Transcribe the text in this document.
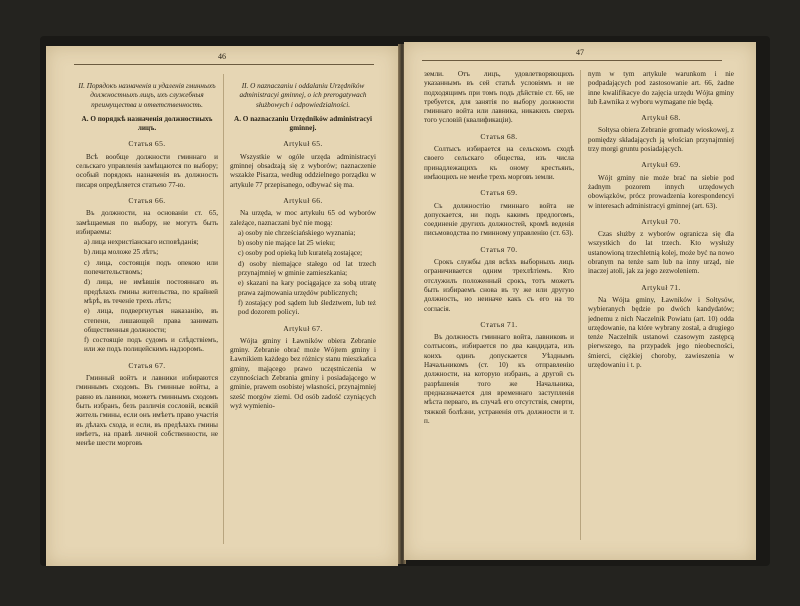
46
II. Порядокъ назначенія и удаленія гминныхъ должностныхъ лицъ, ихъ служебныя преимущества и ответственность.
А. О порядкѣ назначенія должностныхъ лицъ.
Статья 65.

Всѣ вообще должности гминнаго и сельскаго управленія замѣщаются по выбору; особый порядокъ назначенія въ должность писаря опредѣляется статьею 77-ю.

Статья 66.

Въ должности, на основаніи ст. 65, замѣщаемыя по выбору, не могутъ быть избираемы:

а) лица нехристіанскаго исповѣданія;

b) лица моложе 25 лѣтъ;

c) лица, состоящія подъ опекою или попечительствомъ;

d) лица, не имѣвшія постояннаго въ предѣлахъ гмины жительства, по крайней мѣрѣ, въ теченіе трехъ лѣтъ;

e) лица, подвергнутыя наказанію, въ степени, лишающей права занимать общественныя должности;

f) состоящіе подъ судомъ и слѣдствіемъ, или же подъ полицейскимъ надзоромъ.

Статья 67.

Гминный войтъ и лавники избираются гминнымъ сходомъ. Въ гминные войты, а равно въ лавники, можетъ гминнымъ сходомъ быть избранъ, безъ различія сословій, всякій житель гмины, если онъ имѣетъ право участія въ дѣлахъ схода, и если, въ предѣлахъ гмины имѣетъ, на правѣ личной собственности, не менѣе шести морговъ

II. O naznaczaniu i oddalaniu Urzędników administracyi gminnej, o ich prerogatywach służbowych i odpowiedzialności.
A. O naznaczaniu Urzędników administracyi gminnej.
Artykuł 65.

Wszystkie w ogóle urzęda administracyi gminnej obsadzają się z wyborów; naznaczenie wszakże Pisarza, według oddzielnego porządku w artykule 77 przepisanego, odbywać się ma.

Artykuł 66.

Na urzęda, w moc artykułu 65 od wyborów zależące, naznaczani być nie mogą:

a) osoby nie chrześciańskiego wyznania;

b) osoby nie mające lat 25 wieku;

c) osoby pod opieką lub kuratelą zostające;

d) osoby niemające stałego od lat trzech przynajmniej w gminie zamieszkania;

e) skazani na kary pociągające za sobą utratę prawa zajmowania urzędów publicznych;

f) zostający pod sądem lub śledztwem, lub też pod dozorem policyi.

Artykuł 67.

Wójta gminy i Ławników obiera Zebranie gminy. Zebranie obrać może Wójtem gminy i Ławnikiem każdego bez różnicy stanu mieszkańca gminy, mającego prawo uczęstniczenia w czynnościach Zebrania gminy i posiadającego w gminie, prawem osobistej własności, przynajmniej sześć morgów ziemi. Od osób zadość czyniących wyż wymienio-

47

земли. Отъ лицъ, удовлетворяющихъ указаннымъ въ сей статьѣ условіямъ и не подходящимъ при томъ подъ дѣйствіе ст. 66, не требуется, для занятія по выбору должности гминнаго войта или лавника, никакихъ сверхъ того условій (квалификаціи).

Статья 68.

Солтысъ избирается на сельскомъ сходѣ своего сельскаго общества, изъ числа принадлежащихъ къ оному крестьянъ, имѣющихъ не менѣе трехъ морговъ земли.

Статья 69.

Съ должностію гминнаго войта не допускается, ни подъ какимъ предлогомъ, соединеніе другихъ должностей, кромѣ веденія письмоводства по гминному управленію (ст. 63).

Статья 70.

Срокъ службы для всѣхъ выборныхъ лицъ ограничивается одним трехлѣтіемъ. Кто отслужилъ положенный срокъ, тотъ можетъ быть избираемъ снова въ ту же или другую должность, но неиначе какъ съ его на то согласія.

Статья 71.

Въ должность гминнаго войта, лавниковъ и солтысовъ, избирается по два кандидата, изъ коихъ одинъ допускается Уѣзднымъ Начальникомъ (ст. 10) къ отправленію должности, на которую избранъ, а другой съ разрѣшенія того же Начальника, предназначается для временнаго заступленія мѣста перваго, въ случаѣ его отсутствія, смерти, тяжкой болѣзни, устраненія отъ должности и т. п.

nym w tym artykule warunkom i nie podpadających pod zastosowanie art. 66, żadne inne kwalifikacye do zajęcia urzędu Wójta gminy lub Ławnika z wyboru wymagane nie będą.

Artykuł 68.

Sołtysa obiera Zebranie gromady wioskowej, z pomiędzy składających ją włościan przynajmniej trzy morgi gruntu posiadających.

Artykuł 69.

Wójt gminy nie może brać na siebie pod żadnym pozorem innych urzędowych obowiązków, prócz prowadzenia korespondencyi w interesach administracyi gminnej (art. 63).

Artykuł 70.

Czas służby z wyborów ograniczа się dla wszystkich do lat trzech. Kto wysłuży ustanowioną trzechletnią kolej, może być na nowo obranym na tenże sam lub na inny urząd, nie inaczej atoli, jak za jego zezwoleniem.

Artykuł 71.

Na Wójta gminy, Ławników i Sołtysów, wybieranych będzie po dwóch kandydatów; jednemu z nich Naczelnik Powiatu (art. 10) odda urzędowanie, na które wybrany został, a drugiego tenże Naczelnik ustanowi czasowym zastępcą pierwszego, na przypadek jego nieobecności, śmierci, ciężkiej choroby, zawieszenia w urzędowaniu i t. p.
